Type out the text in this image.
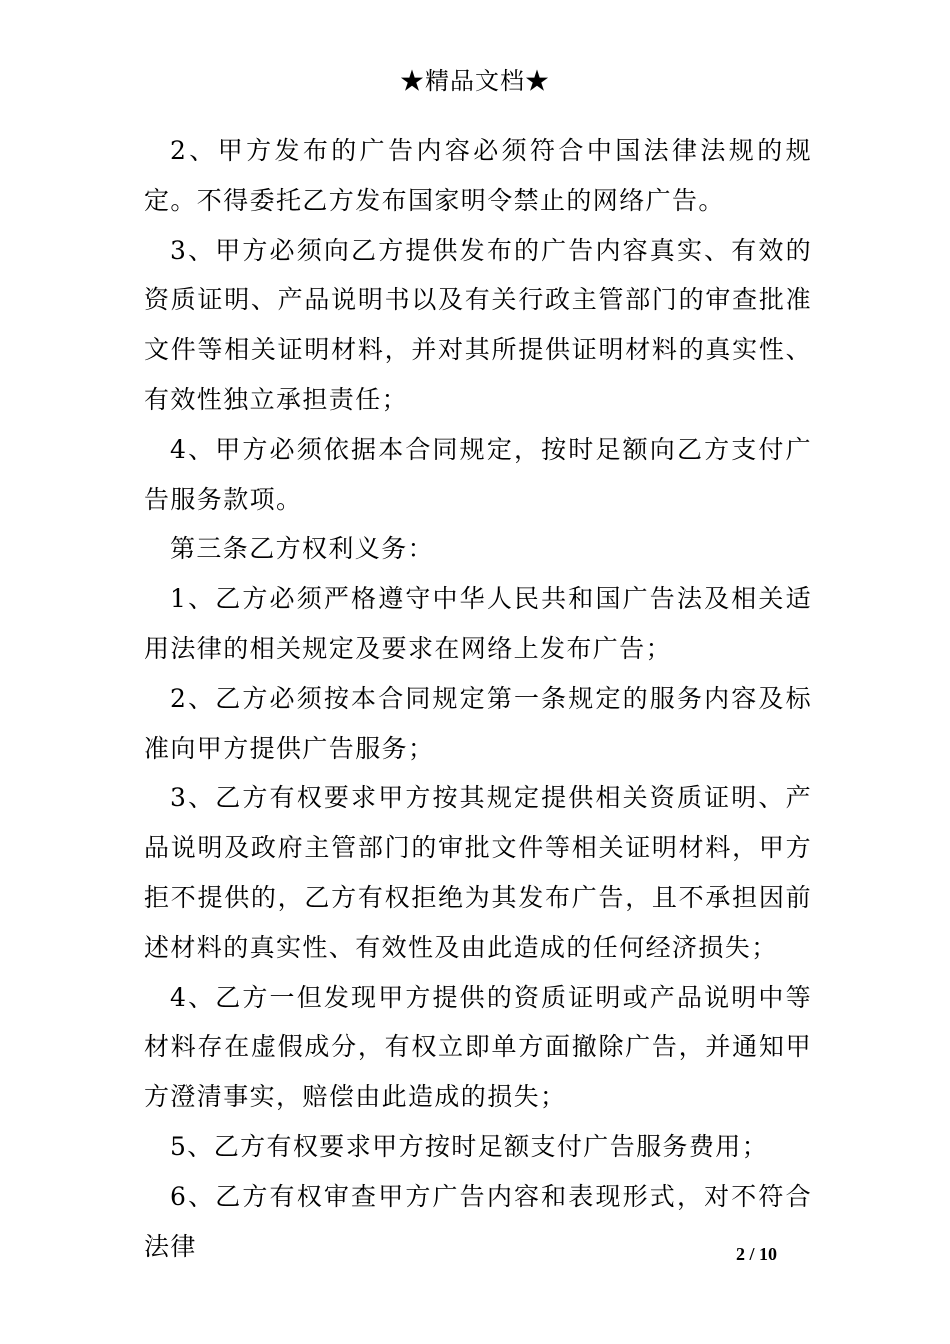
★精品文档★

2、甲方发布的广告内容必须符合中国法律法规的规定。不得委托乙方发布国家明令禁止的网络广告。

3、甲方必须向乙方提供发布的广告内容真实、有效的资质证明、产品说明书以及有关行政主管部门的审查批准文件等相关证明材料，并对其所提供证明材料的真实性、有效性独立承担责任；

4、甲方必须依据本合同规定，按时足额向乙方支付广告服务款项。

第三条乙方权利义务：

1、乙方必须严格遵守中华人民共和国广告法及相关适用法律的相关规定及要求在网络上发布广告；

2、乙方必须按本合同规定第一条规定的服务内容及标准向甲方提供广告服务；

3、乙方有权要求甲方按其规定提供相关资质证明、产品说明及政府主管部门的审批文件等相关证明材料，甲方拒不提供的，乙方有权拒绝为其发布广告，且不承担因前述材料的真实性、有效性及由此造成的任何经济损失；

4、乙方一但发现甲方提供的资质证明或产品说明中等材料存在虚假成分，有权立即单方面撤除广告，并通知甲方澄清事实，赔偿由此造成的损失；

5、乙方有权要求甲方按时足额支付广告服务费用；

6、乙方有权审查甲方广告内容和表现形式，对不符合法律	2 / 10
